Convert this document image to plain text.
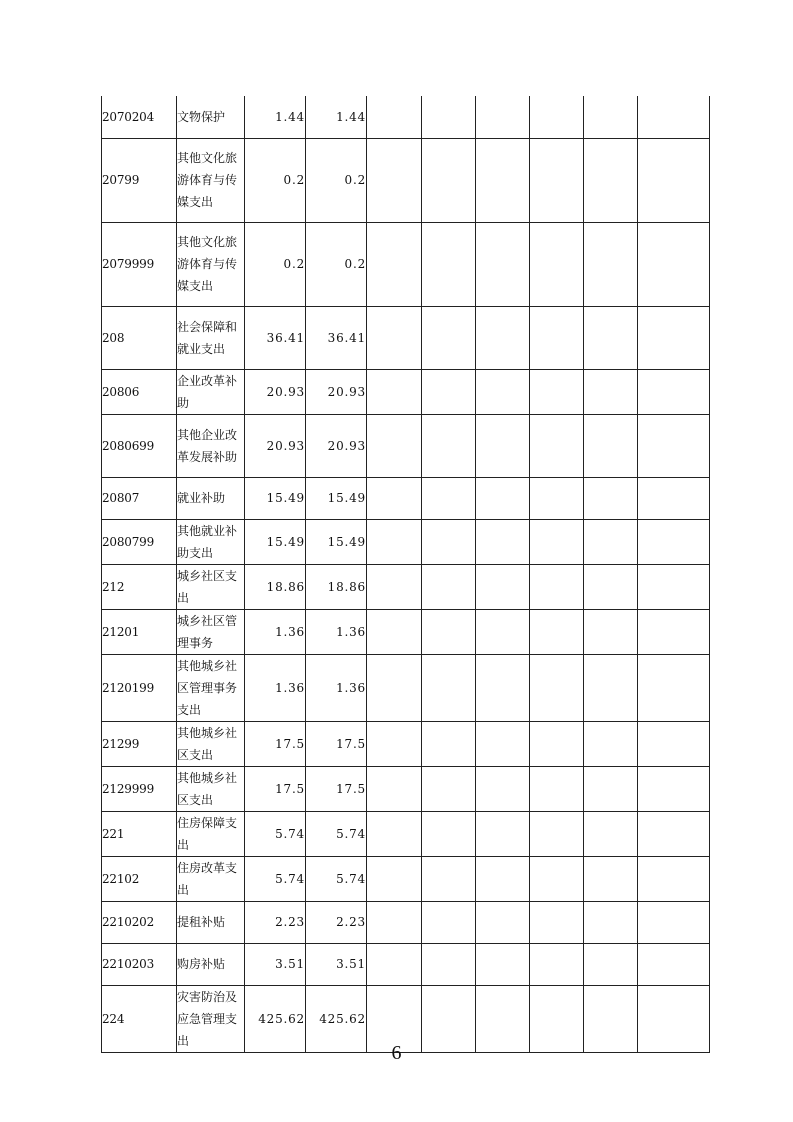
2070204	文物保护	1.44	1.44						
20799	其他文化旅游体育与传媒支出	0.2	0.2						
2079999	其他文化旅游体育与传媒支出	0.2	0.2						
208	社会保障和就业支出	36.41	36.41						
20806	企业改革补助	20.93	20.93						
2080699	其他企业改革发展补助	20.93	20.93						
20807	就业补助	15.49	15.49						
2080799	其他就业补助支出	15.49	15.49						
212	城乡社区支出	18.86	18.86						
21201	城乡社区管理事务	1.36	1.36						
2120199	其他城乡社区管理事务支出	1.36	1.36						
21299	其他城乡社区支出	17.5	17.5						
2129999	其他城乡社区支出	17.5	17.5						
221	住房保障支出	5.74	5.74						
22102	住房改革支出	5.74	5.74						
2210202	提租补贴	2.23	2.23						
2210203	购房补贴	3.51	3.51						
224	灾害防治及应急管理支出	425.62	425.62						
6
